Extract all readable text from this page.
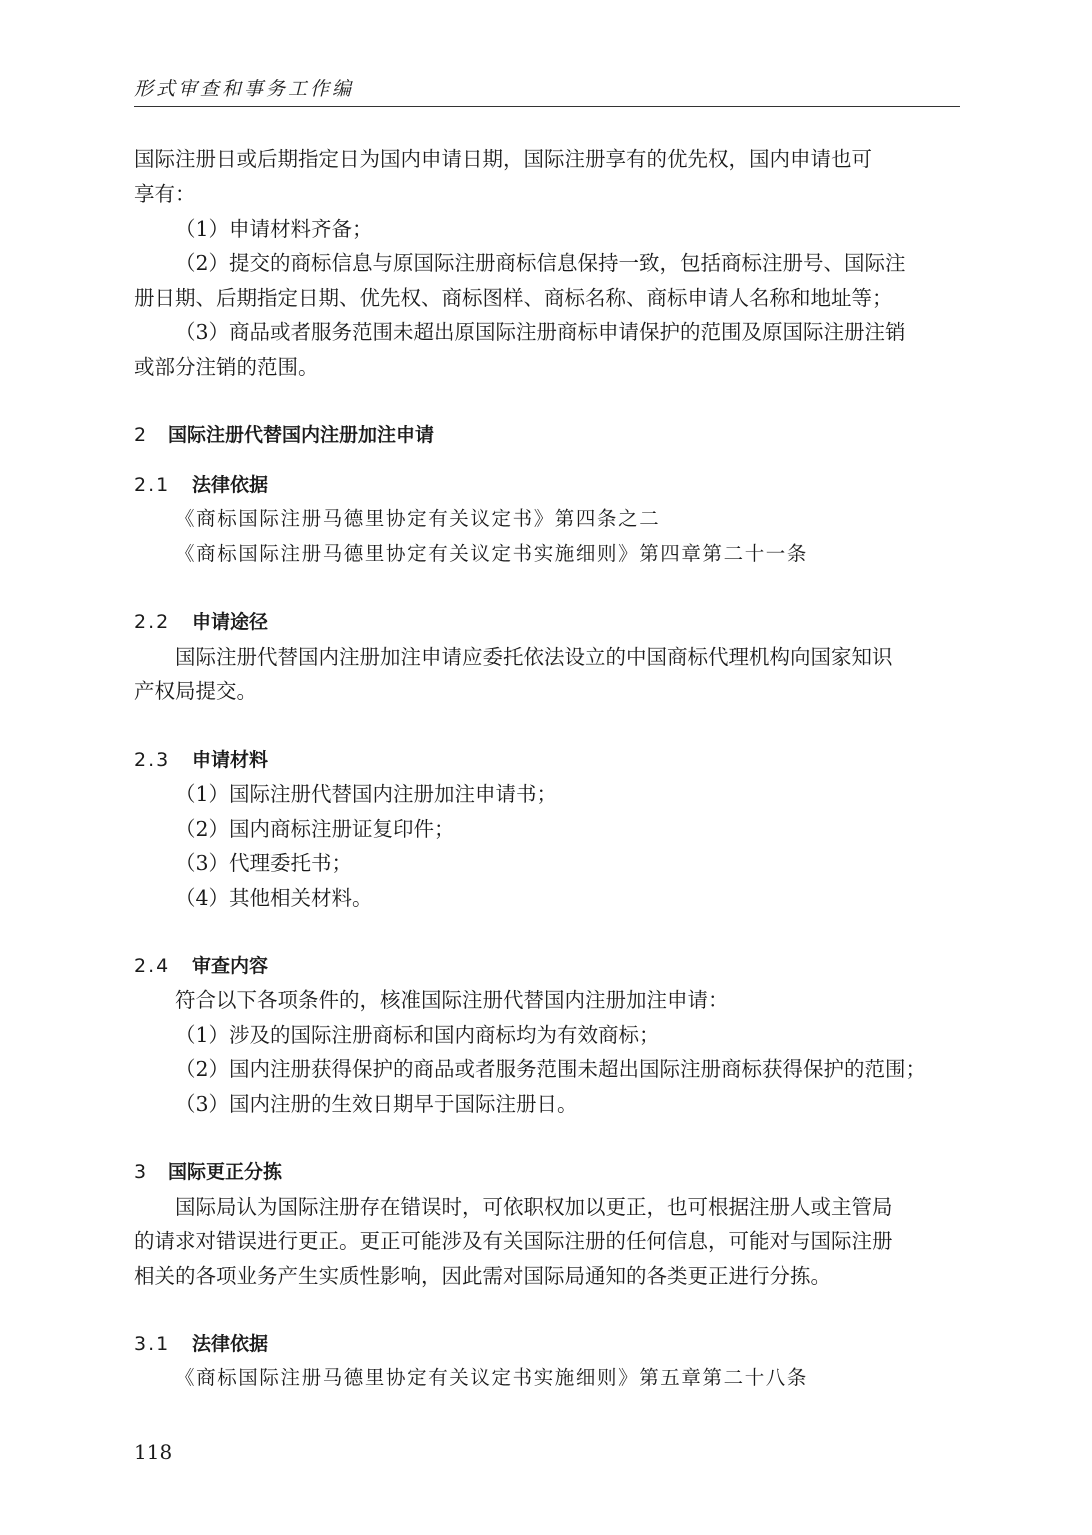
形式审查和事务工作编
国际注册日或后期指定日为国内申请日期，国际注册享有的优先权，国内申请也可
享有：
（1）申请材料齐备；
（2）提交的商标信息与原国际注册商标信息保持一致，包括商标注册号、国际注
册日期、后期指定日期、优先权、商标图样、商标名称、商标申请人名称和地址等；
（3）商品或者服务范围未超出原国际注册商标申请保护的范围及原国际注册注销
或部分注销的范围。
2 国际注册代替国内注册加注申请
2.1 法律依据
《商标国际注册马德里协定有关议定书》第四条之二
《商标国际注册马德里协定有关议定书实施细则》第四章第二十一条
2.2 申请途径
国际注册代替国内注册加注申请应委托依法设立的中国商标代理机构向国家知识
产权局提交。
2.3 申请材料
（1）国际注册代替国内注册加注申请书；
（2）国内商标注册证复印件；
（3）代理委托书；
（4）其他相关材料。
2.4 审查内容
符合以下各项条件的，核准国际注册代替国内注册加注申请：
（1）涉及的国际注册商标和国内商标均为有效商标；
（2）国内注册获得保护的商品或者服务范围未超出国际注册商标获得保护的范围；
（3）国内注册的生效日期早于国际注册日。
3 国际更正分拣
国际局认为国际注册存在错误时，可依职权加以更正，也可根据注册人或主管局
的请求对错误进行更正。更正可能涉及有关国际注册的任何信息，可能对与国际注册
相关的各项业务产生实质性影响，因此需对国际局通知的各类更正进行分拣。
3.1 法律依据
《商标国际注册马德里协定有关议定书实施细则》第五章第二十八条
118
